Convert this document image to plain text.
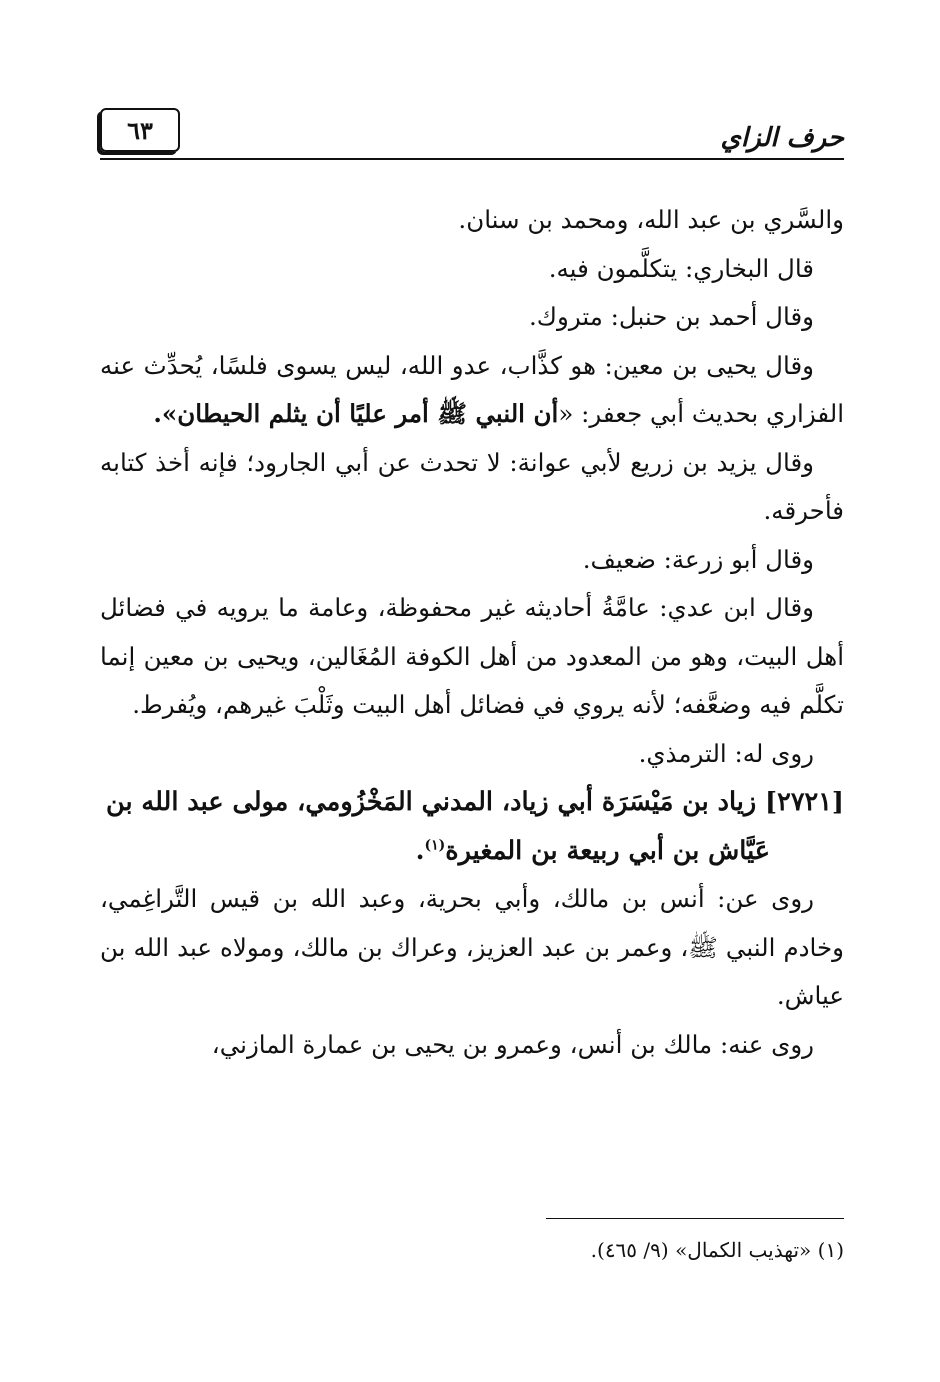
حرف الزاي
٦٣

والسَّري بن عبد الله، ومحمد بن سنان.

قال البخاري: يتكلَّمون فيه.

وقال أحمد بن حنبل: متروك.

وقال يحيى بن معين: هو كذَّاب، عدو الله، ليس يسوى فلسًا، يُحدِّث عنه الفزاري بحديث أبي جعفر: «أن النبي ﷺ أمر عليًا أن يثلم الحيطان».

وقال يزيد بن زريع لأبي عوانة: لا تحدث عن أبي الجارود؛ فإنه أخذ كتابه فأحرقه.

وقال أبو زرعة: ضعيف.

وقال ابن عدي: عامَّةُ أحاديثه غير محفوظة، وعامة ما يرويه في فضائل أهل البيت، وهو من المعدود من أهل الكوفة المُغَالين، ويحيى بن معين إنما تكلَّم فيه وضعَّفه؛ لأنه يروي في فضائل أهل البيت وثَلْبَ غيرهم، ويُفرط.

روى له: الترمذي.

[٢٧٢١] زياد بن مَيْسَرَة أبي زياد، المدني المَخْزُومي، مولى عبد الله بن
عَيَّاش بن أبي ربيعة بن المغيرة$^{(١)}$.

روى عن: أنس بن مالك، وأبي بحرية، وعبد الله بن قيس التَّراغِمي، وخادم النبي ﷺ، وعمر بن عبد العزيز، وعراك بن مالك، ومولاه عبد الله بن عياش.

روى عنه: مالك بن أنس، وعمرو بن يحيى بن عمارة المازني،

(١) «تهذيب الكمال» (٩/ ٤٦٥).
